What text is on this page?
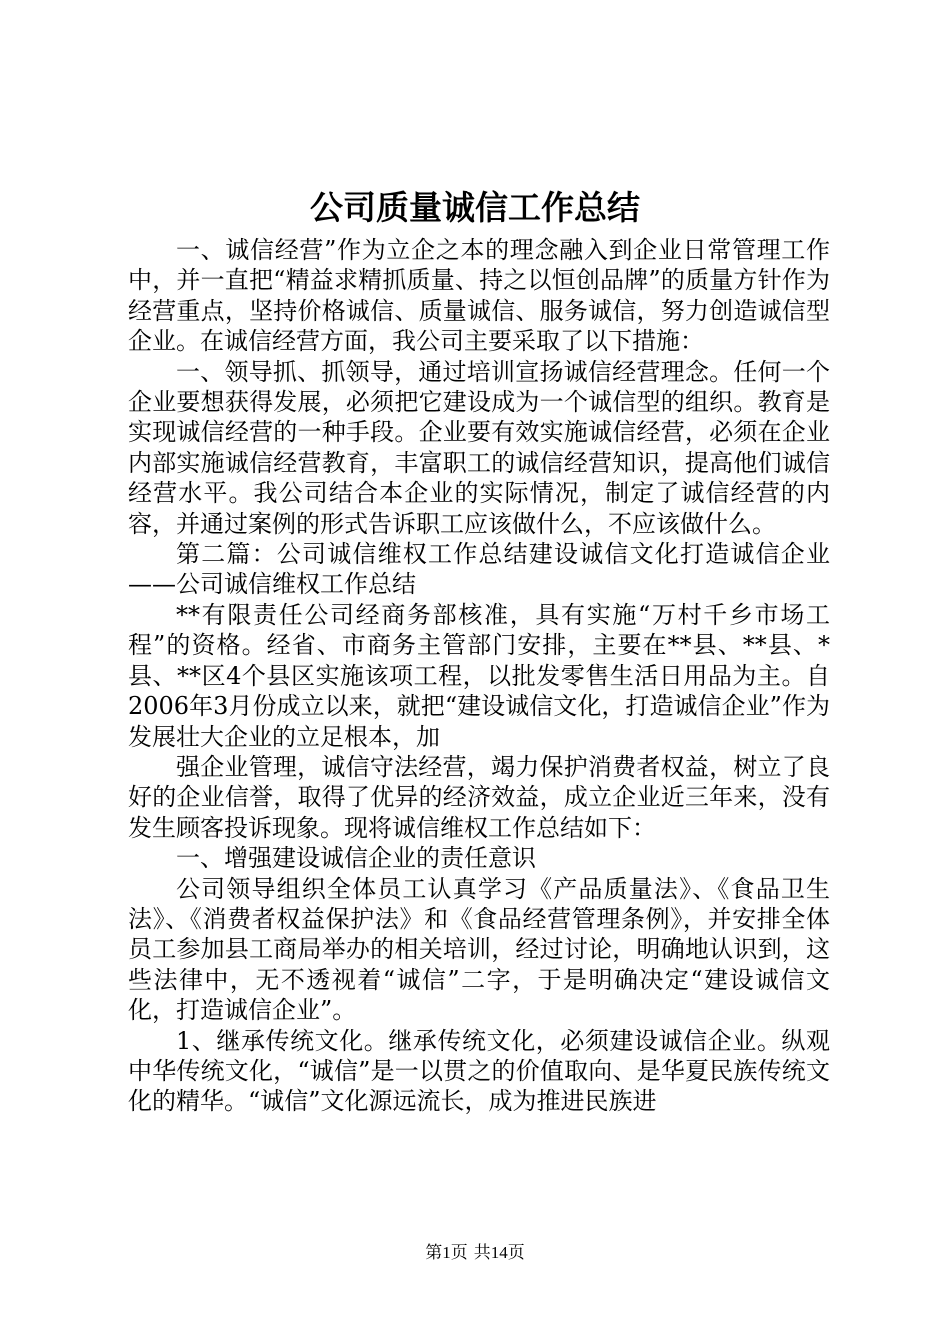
公司质量诚信工作总结

一、诚信经营”作为立企之本的理念融入到企业日常管理工作中，并一直把“精益求精抓质量、持之以恒创品牌”的质量方针作为经营重点，坚持价格诚信、质量诚信、服务诚信，努力创造诚信型企业。在诚信经营方面，我公司主要采取了以下措施：

一、领导抓、抓领导，通过培训宣扬诚信经营理念。任何一个企业要想获得发展，必须把它建设成为一个诚信型的组织。教育是实现诚信经营的一种手段。企业要有效实施诚信经营，必须在企业内部实施诚信经营教育，丰富职工的诚信经营知识，提高他们诚信经营水平。我公司结合本企业的实际情况，制定了诚信经营的内容，并通过案例的形式告诉职工应该做什么，不应该做什么。

第二篇：公司诚信维权工作总结建设诚信文化打造诚信企业——公司诚信维权工作总结

**有限责任公司经商务部核准，具有实施“万村千乡市场工程”的资格。经省、市商务主管部门安排，主要在**县、**县、*县、**区4个县区实施该项工程，以批发零售生活日用品为主。自2006年3月份成立以来，就把“建设诚信文化，打造诚信企业”作为发展壮大企业的立足根本，加

强企业管理，诚信守法经营，竭力保护消费者权益，树立了良好的企业信誉，取得了优异的经济效益，成立企业近三年来，没有发生顾客投诉现象。现将诚信维权工作总结如下：

一、增强建设诚信企业的责任意识

公司领导组织全体员工认真学习《产品质量法》、《食品卫生法》、《消费者权益保护法》和《食品经营管理条例》，并安排全体员工参加县工商局举办的相关培训，经过讨论，明确地认识到，这些法律中，无不透视着“诚信”二字，于是明确决定“建设诚信文化，打造诚信企业”。

1、继承传统文化。继承传统文化，必须建设诚信企业。纵观中华传统文化，“诚信”是一以贯之的价值取向、是华夏民族传统文化的精华。“诚信”文化源远流长，成为推进民族进

第1页 共14页
